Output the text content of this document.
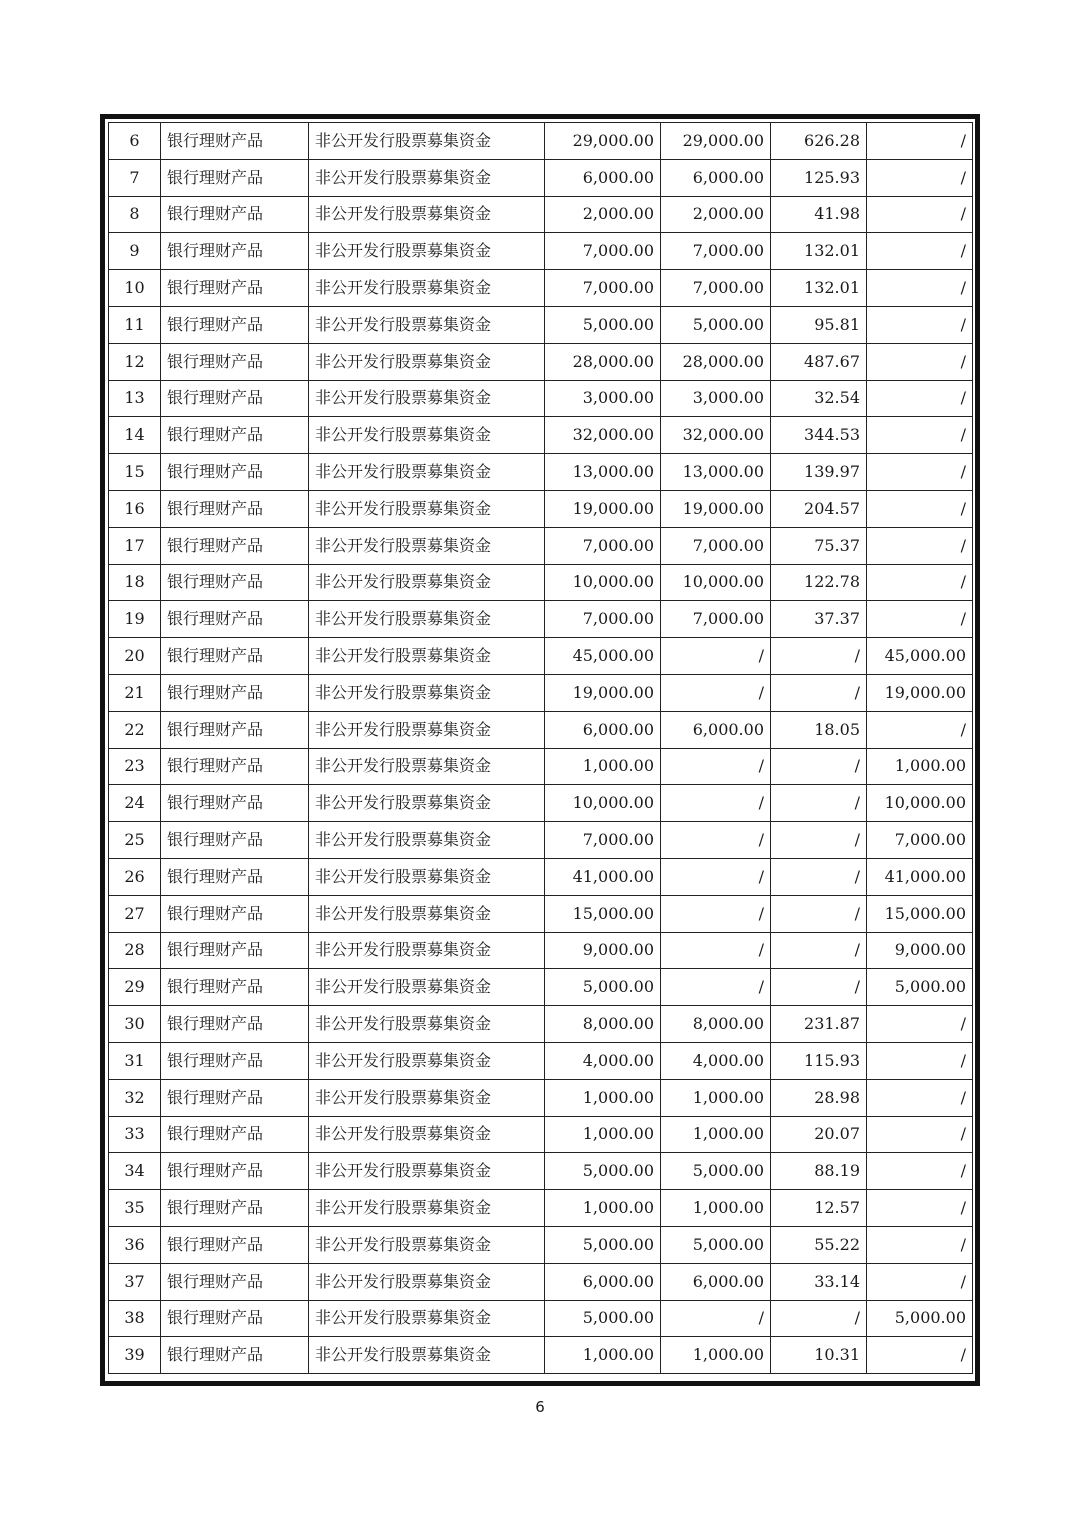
6	银行理财产品	非公开发行股票募集资金	29,000.00	29,000.00	626.28	/
7	银行理财产品	非公开发行股票募集资金	6,000.00	6,000.00	125.93	/
8	银行理财产品	非公开发行股票募集资金	2,000.00	2,000.00	41.98	/
9	银行理财产品	非公开发行股票募集资金	7,000.00	7,000.00	132.01	/
10	银行理财产品	非公开发行股票募集资金	7,000.00	7,000.00	132.01	/
11	银行理财产品	非公开发行股票募集资金	5,000.00	5,000.00	95.81	/
12	银行理财产品	非公开发行股票募集资金	28,000.00	28,000.00	487.67	/
13	银行理财产品	非公开发行股票募集资金	3,000.00	3,000.00	32.54	/
14	银行理财产品	非公开发行股票募集资金	32,000.00	32,000.00	344.53	/
15	银行理财产品	非公开发行股票募集资金	13,000.00	13,000.00	139.97	/
16	银行理财产品	非公开发行股票募集资金	19,000.00	19,000.00	204.57	/
17	银行理财产品	非公开发行股票募集资金	7,000.00	7,000.00	75.37	/
18	银行理财产品	非公开发行股票募集资金	10,000.00	10,000.00	122.78	/
19	银行理财产品	非公开发行股票募集资金	7,000.00	7,000.00	37.37	/
20	银行理财产品	非公开发行股票募集资金	45,000.00	/	/	45,000.00
21	银行理财产品	非公开发行股票募集资金	19,000.00	/	/	19,000.00
22	银行理财产品	非公开发行股票募集资金	6,000.00	6,000.00	18.05	/
23	银行理财产品	非公开发行股票募集资金	1,000.00	/	/	1,000.00
24	银行理财产品	非公开发行股票募集资金	10,000.00	/	/	10,000.00
25	银行理财产品	非公开发行股票募集资金	7,000.00	/	/	7,000.00
26	银行理财产品	非公开发行股票募集资金	41,000.00	/	/	41,000.00
27	银行理财产品	非公开发行股票募集资金	15,000.00	/	/	15,000.00
28	银行理财产品	非公开发行股票募集资金	9,000.00	/	/	9,000.00
29	银行理财产品	非公开发行股票募集资金	5,000.00	/	/	5,000.00
30	银行理财产品	非公开发行股票募集资金	8,000.00	8,000.00	231.87	/
31	银行理财产品	非公开发行股票募集资金	4,000.00	4,000.00	115.93	/
32	银行理财产品	非公开发行股票募集资金	1,000.00	1,000.00	28.98	/
33	银行理财产品	非公开发行股票募集资金	1,000.00	1,000.00	20.07	/
34	银行理财产品	非公开发行股票募集资金	5,000.00	5,000.00	88.19	/
35	银行理财产品	非公开发行股票募集资金	1,000.00	1,000.00	12.57	/
36	银行理财产品	非公开发行股票募集资金	5,000.00	5,000.00	55.22	/
37	银行理财产品	非公开发行股票募集资金	6,000.00	6,000.00	33.14	/
38	银行理财产品	非公开发行股票募集资金	5,000.00	/	/	5,000.00
39	银行理财产品	非公开发行股票募集资金	1,000.00	1,000.00	10.31	/
6
